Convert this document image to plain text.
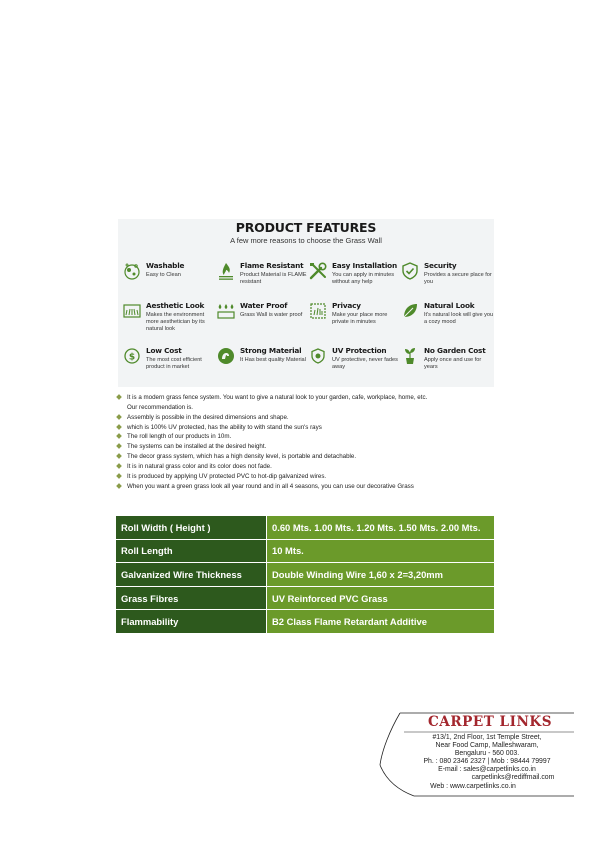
PRODUCT FEATURES
A few more reasons to choose the Grass Wall
Washable
Easy to Clean
Flame Resistant
Product Material is FLAME resistant
Easy Installation
You can apply in minutes without any help
Security
Provides a secure place for you
Aesthetic Look
Makes the environment more aesthetician by its natural look
Water Proof
Grass Wall is water proof
Privacy
Make your place more private in minutes
Natural Look
It's natural look will give you a cozy mood
$
Low Cost
The most cost efficient product in market
Strong Material
It Has best quality Material
UV Protection
UV protective, never fades away
No Garden Cost
Apply once and use for years
It is a modern grass fence system. You want to give a natural look to your garden, cafe, workplace, home, etc.
Our recommendation is.
Assembly is possible in the desired dimensions and shape.
which is 100% UV protected, has the ability to with stand the sun's rays
The roll length of our products in 10m.
The systems can be installed at the desired height.
The decor grass system, which has a high density level, is portable and detachable.
It is in natural grass color and its color does not fade.
It is produced by applying UV protected PVC to hot-dip galvanized wires.
When you want a green grass look all year round and in all 4 seasons, you can use our decorative Grass
Roll Width ( Height )	0.60 Mts. 1.00 Mts. 1.20 Mts. 1.50 Mts. 2.00 Mts.
Roll Length	10 Mts.
Galvanized Wire Thickness	Double Winding Wire 1,60 x 2=3,20mm
Grass Fibres	UV Reinforced PVC Grass
Flammability	B2 Class Flame Retardant Additive
CARPET LINKS
#13/1, 2nd Floor, 1st Temple Street,
Near Food Camp, Malleshwaram,
Bengaluru - 560 003.
Ph. : 080 2346 2327 | Mob : 98444 79997
E-mail : sales@carpetlinks.co.in
carpetlinks@rediffmail.com
Web : www.carpetlinks.co.in
